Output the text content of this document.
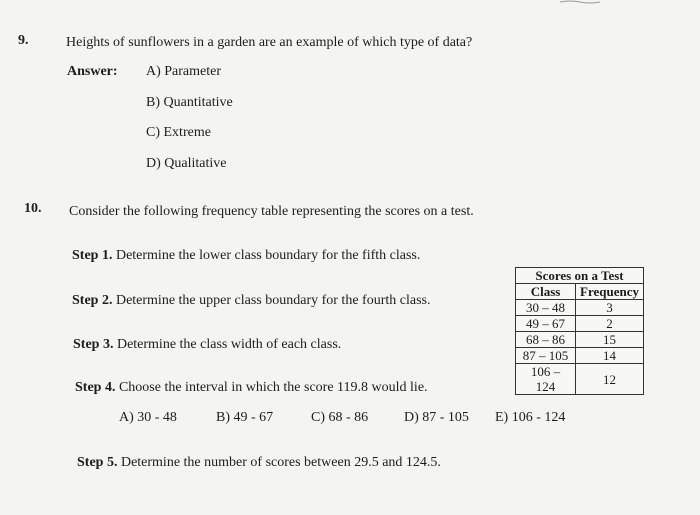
9.	Heights of sunflowers in a garden are an example of which type of data?
Answer: A) Parameter
B) Quantitative
C) Extreme
D) Qualitative
10. Consider the following frequency table representing the scores on a test.
Step 1. Determine the lower class boundary for the fifth class.
Step 2. Determine the upper class boundary for the fourth class.
Step 3. Determine the class width of each class.
Step 4. Choose the interval in which the score 119.8 would lie.
A) 30 - 48	B) 49 - 67	C) 68 - 86	D) 87 - 105 E) 106 - 124
Step 5. Determine the number of scores between 29.5 and 124.5.
Scores on a Test	
Class	Frequency
30 – 48	3
49 – 67	2
68 – 86	15
87 – 105	14
106 – 124	12
